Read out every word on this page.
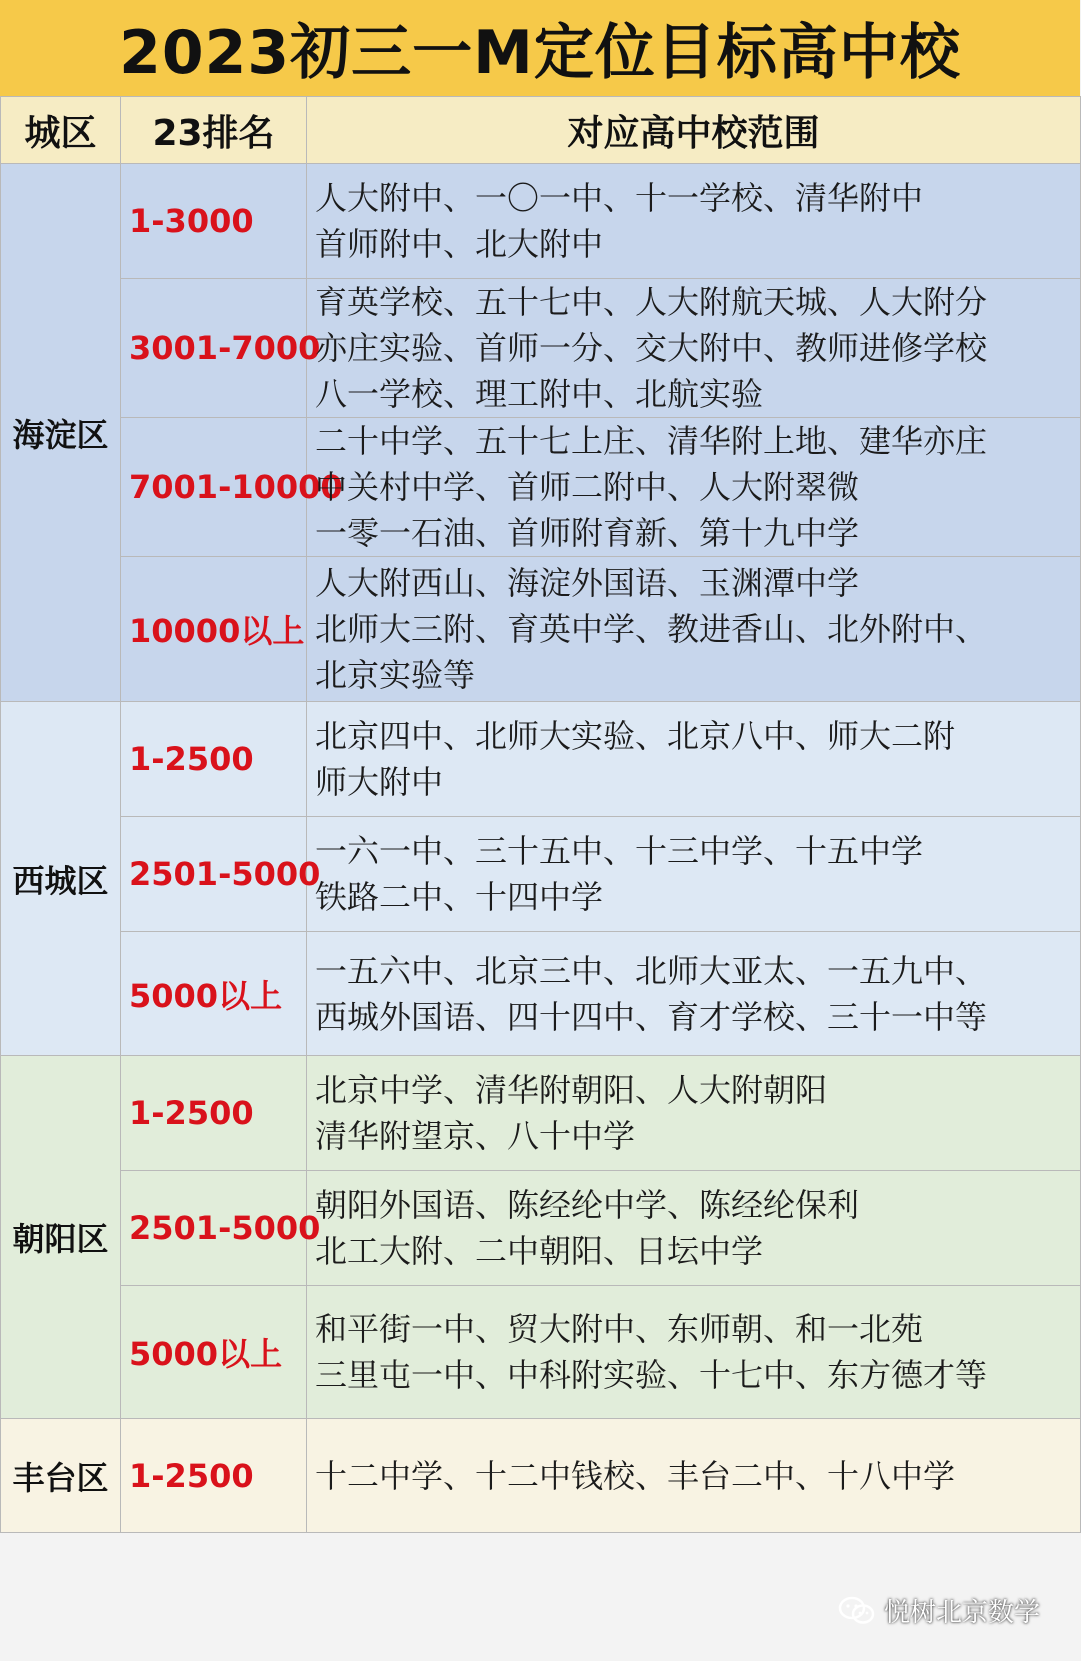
2023初三一M定位目标高中校
城区	23排名	对应高中校范围
海淀区	1-3000	人大附中、一〇一中、十一学校、清华附中
首师附中、北大附中

	3001-7000	育英学校、五十七中、人大附航天城、人大附分
亦庄实验、首师一分、交大附中、教师进修学校
八一学校、理工附中、北航实验

	7001-10000	二十中学、五十七上庄、清华附上地、建华亦庄
中关村中学、首师二附中、人大附翠微
一零一石油、首师附育新、第十九中学

	10000以上	人大附西山、海淀外国语、玉渊潭中学
北师大三附、育英中学、教进香山、北外附中、
北京实验等

西城区	1-2500	北京四中、北师大实验、北京八中、师大二附
师大附中

	2501-5000	一六一中、三十五中、十三中学、十五中学
铁路二中、十四中学

	5000以上	一五六中、北京三中、北师大亚太、一五九中、
西城外国语、四十四中、育才学校、三十一中等

朝阳区	1-2500	北京中学、清华附朝阳、人大附朝阳
清华附望京、八十中学

	2501-5000	朝阳外国语、陈经纶中学、陈经纶保利
北工大附、二中朝阳、日坛中学

	5000以上	和平街一中、贸大附中、东师朝、和一北苑
三里屯一中、中科附实验、十七中、东方德才等

丰台区	1-2500	十二中学、十二中钱校、丰台二中、十八中学
悦树北京数学
